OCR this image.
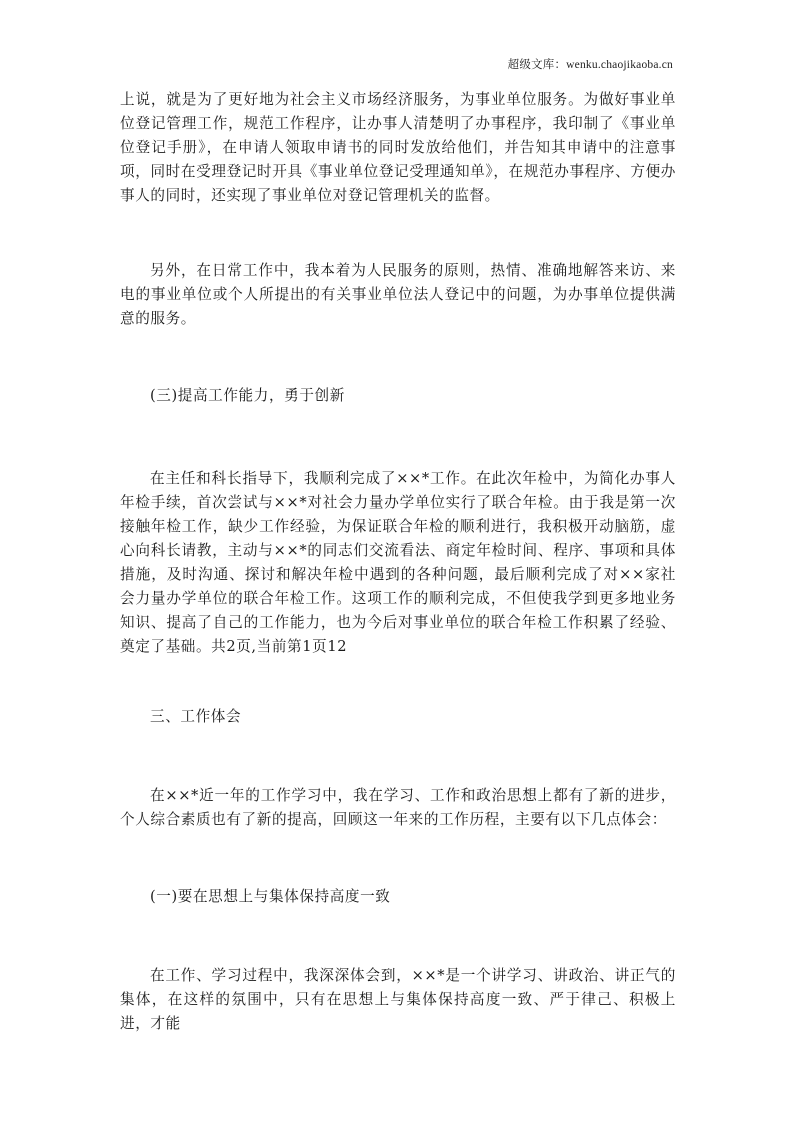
超级文库：wenku.chaojikaoba.cn

上说，就是为了更好地为社会主义市场经济服务，为事业单位服务。为做好事业单位登记管理工作，规范工作程序，让办事人清楚明了办事程序，我印制了《事业单位登记手册》，在申请人领取申请书的同时发放给他们，并告知其申请中的注意事项，同时在受理登记时开具《事业单位登记受理通知单》，在规范办事程序、方便办事人的同时，还实现了事业单位对登记管理机关的监督。

另外，在日常工作中，我本着为人民服务的原则，热情、准确地解答来访、来电的事业单位或个人所提出的有关事业单位法人登记中的问题，为办事单位提供满意的服务。

(三)提高工作能力，勇于创新

在主任和科长指导下，我顺利完成了××*工作。在此次年检中，为简化办事人年检手续，首次尝试与××*对社会力量办学单位实行了联合年检。由于我是第一次接触年检工作，缺少工作经验，为保证联合年检的顺利进行，我积极开动脑筋，虚心向科长请教，主动与××*的同志们交流看法、商定年检时间、程序、事项和具体措施，及时沟通、探讨和解决年检中遇到的各种问题，最后顺利完成了对××家社会力量办学单位的联合年检工作。这项工作的顺利完成，不但使我学到更多地业务知识、提高了自己的工作能力，也为今后对事业单位的联合年检工作积累了经验、奠定了基础。共2页,当前第1页12

三、工作体会

在××*近一年的工作学习中，我在学习、工作和政治思想上都有了新的进步，个人综合素质也有了新的提高，回顾这一年来的工作历程，主要有以下几点体会：

(一)要在思想上与集体保持高度一致

在工作、学习过程中，我深深体会到，××*是一个讲学习、讲政治、讲正气的集体，在这样的氛围中，只有在思想上与集体保持高度一致、严于律己、积极上进，才能
